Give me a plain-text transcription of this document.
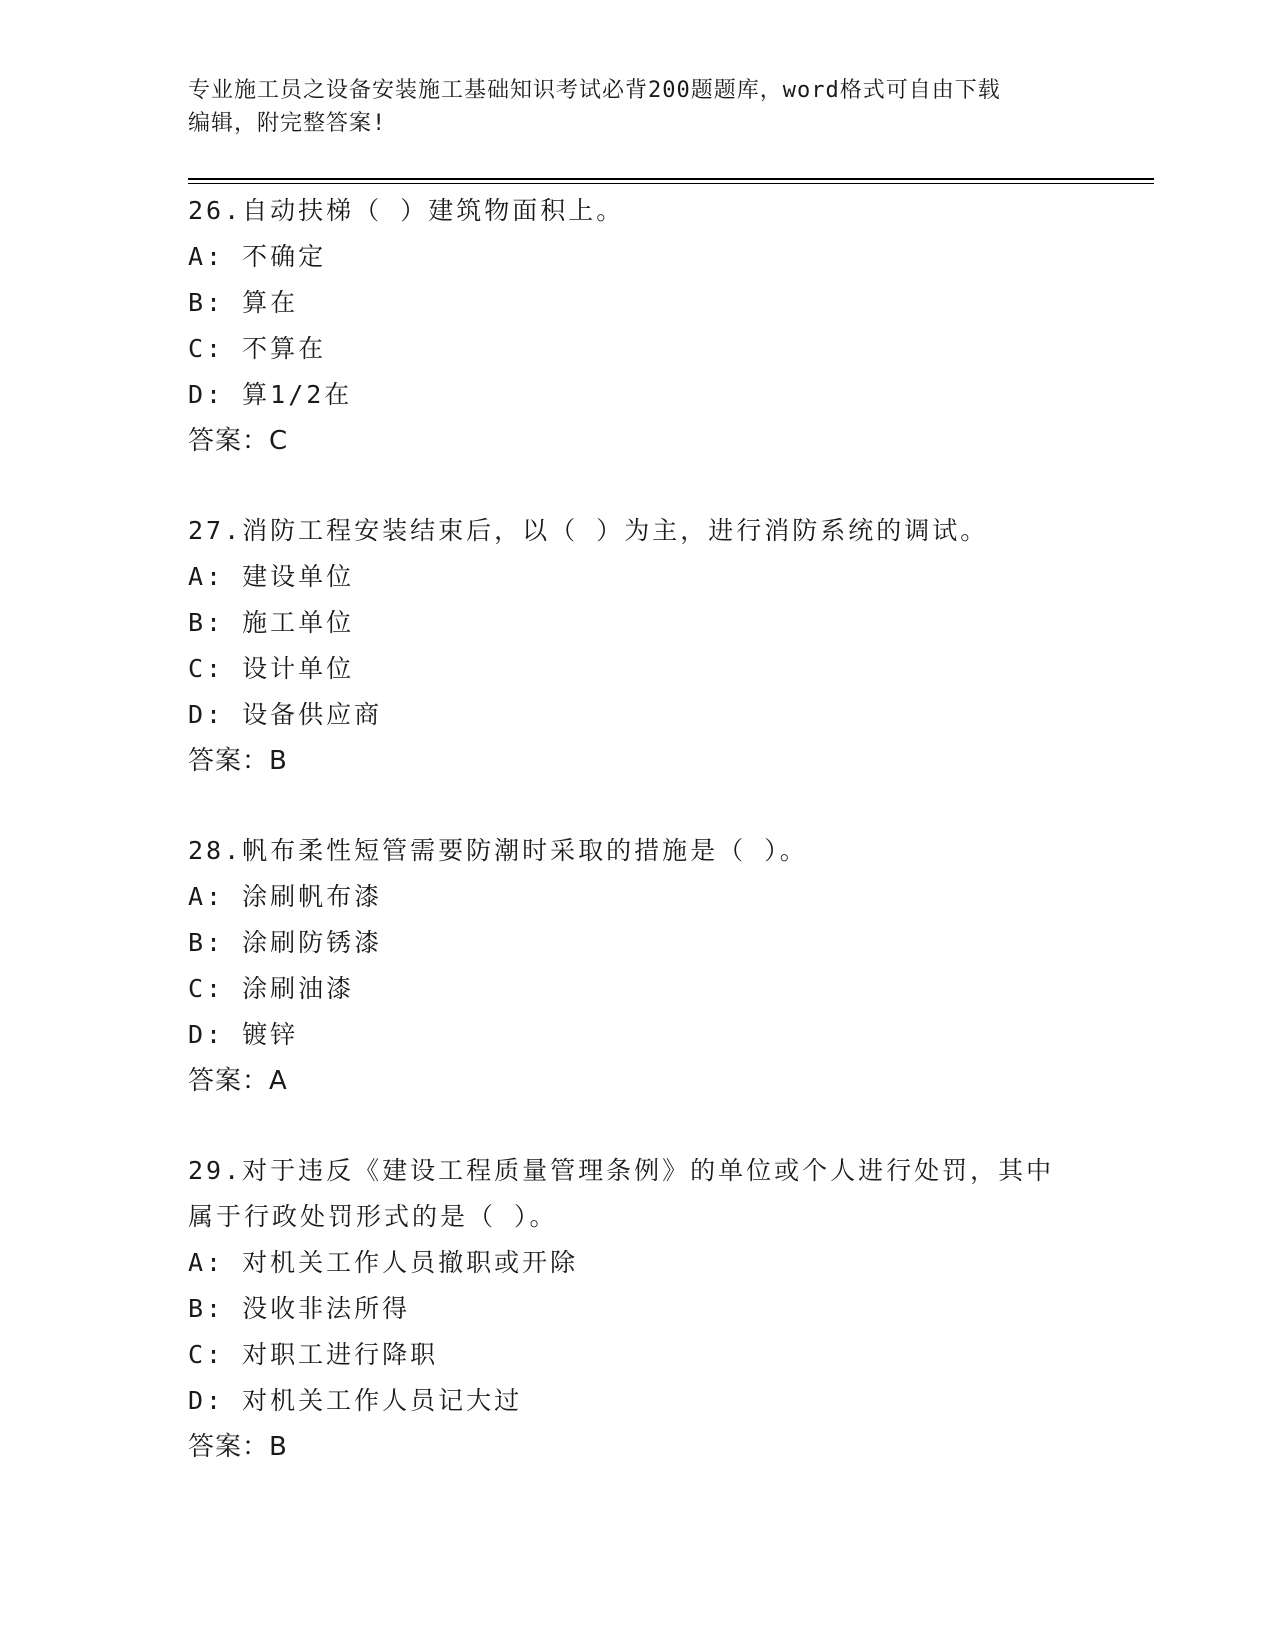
专业施工员之设备安装施工基础知识考试必背200题题库，word格式可自由下载
编辑，附完整答案!
26.自动扶梯（ ）建筑物面积上。
A: 不确定
B: 算在
C: 不算在
D: 算1/2在
答案：C
27.消防工程安装结束后，以（ ）为主，进行消防系统的调试。
A: 建设单位
B: 施工单位
C: 设计单位
D: 设备供应商
答案：B
28.帆布柔性短管需要防潮时采取的措施是（ ）。
A: 涂刷帆布漆
B: 涂刷防锈漆
C: 涂刷油漆
D: 镀锌
答案：A
29.对于违反《建设工程质量管理条例》的单位或个人进行处罚，其中
属于行政处罚形式的是（ ）。
A: 对机关工作人员撤职或开除
B: 没收非法所得
C: 对职工进行降职
D: 对机关工作人员记大过
答案：B
